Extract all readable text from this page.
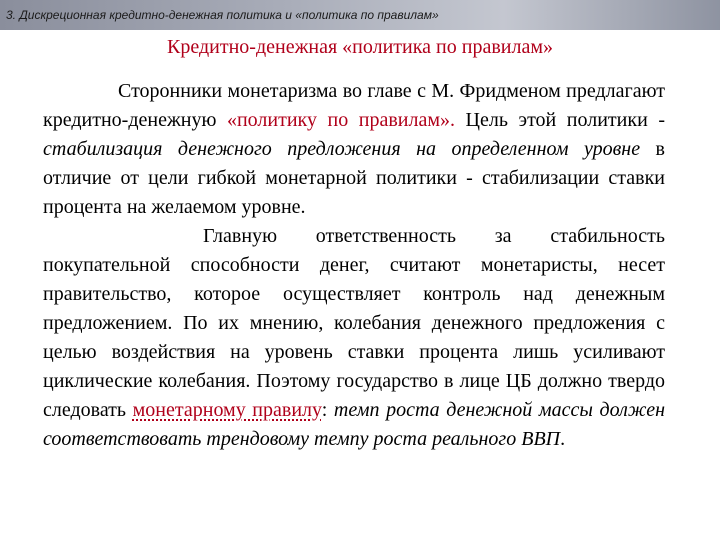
3. Дискреционная кредитно-денежная политика и «политика по правилам»
Кредитно-денежная «политика по правилам»

Сторонники монетаризма во главе с М. Фридменом предлагают кредитно-денежную «политику по правилам». Цель этой политики - стабилизация денежного предложения на определенном уровне в отличие от цели гибкой монетарной политики - стабилизации ставки процента на желаемом уровне.

Главную ответственность за стабильность покупательной способности денег, считают монетаристы, несет правительство, которое осуществляет контроль над денежным предложением. По их мнению, колебания денежного предложения с целью воздействия на уровень ставки процента лишь усиливают циклические колебания. Поэтому государство в лице ЦБ должно твердо следовать монетарному правилу: темп роста денежной массы должен соответствовать трендовому темпу роста реального ВВП.
